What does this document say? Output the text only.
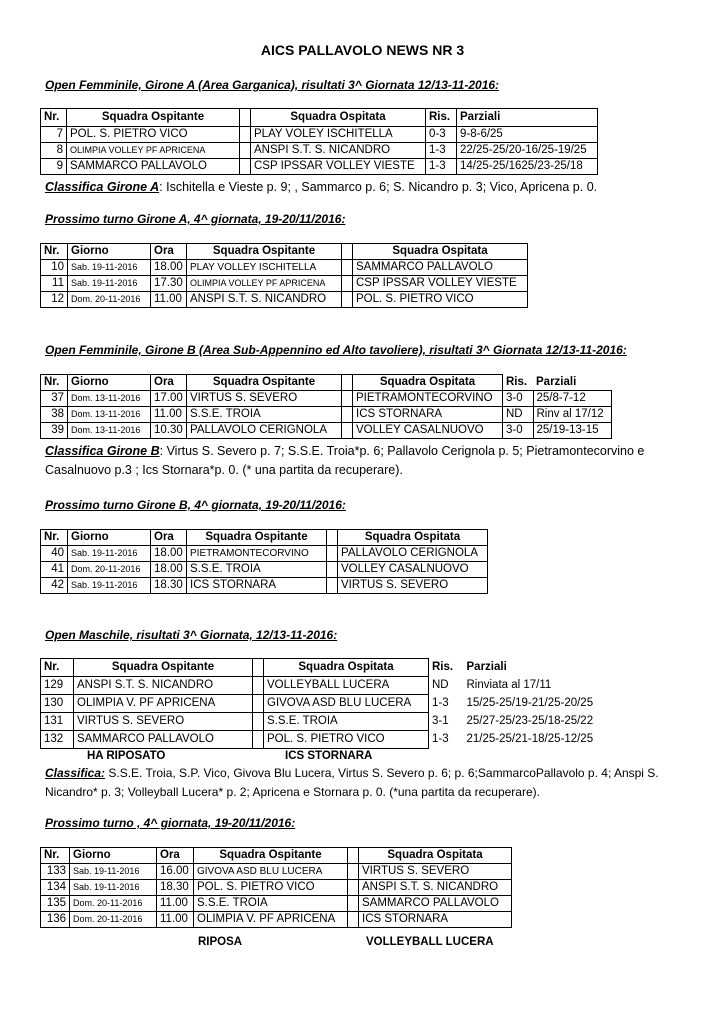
AICS PALLAVOLO NEWS NR 3
Open Femminile, Girone A (Area Garganica), risultati 3^ Giornata 12/13-11-2016:
Nr.	Squadra Ospitante		Squadra Ospitata	Ris.	Parziali
7	POL. S. PIETRO VICO		PLAY VOLEY ISCHITELLA	0-3	9-8-6/25
8	OLIMPIA VOLLEY PF APRICENA		ANSPI S.T. S. NICANDRO	1-3	22/25-25/20-16/25-19/25
9	SAMMARCO PALLAVOLO		CSP IPSSAR VOLLEY VIESTE	1-3	14/25-25/1625/23-25/18
Classifica Girone A: Ischitella e Vieste p. 9; , Sammarco p. 6; S. Nicandro p. 3; Vico, Apricena p. 0.
Prossimo turno Girone A, 4^ giornata, 19-20/11/2016:
Nr.	Giorno	Ora	Squadra Ospitante		Squadra Ospitata
10	Sab. 19-11-2016	18.00	PLAY VOLLEY ISCHITELLA		SAMMARCO PALLAVOLO
11	Sab. 19-11-2016	17.30	OLIMPIA VOLLEY PF APRICENA		CSP IPSSAR VOLLEY VIESTE
12	Dom. 20-11-2016	11.00	ANSPI S.T. S. NICANDRO		POL. S. PIETRO VICO
Open Femminile, Girone B (Area Sub-Appennino ed Alto tavoliere), risultati 3^ Giornata 12/13-11-2016:
Nr.	Giorno	Ora	Squadra Ospitante		Squadra Ospitata	Ris.	Parziali
37	Dom. 13-11-2016	17.00	VIRTUS S. SEVERO		PIETRAMONTECORVINO	3-0	25/8-7-12
38	Dom. 13-11-2016	11.00	S.S.E. TROIA		ICS STORNARA	ND	Rinv al 17/12
39	Dom. 13-11-2016	10.30	PALLAVOLO CERIGNOLA		VOLLEY CASALNUOVO	3-0	25/19-13-15
Classifica Girone B: Virtus S. Severo p. 7; S.S.E. Troia*p. 6; Pallavolo Cerignola p. 5; Pietramontecorvino e
Casalnuovo p.3 ; Ics Stornara*p. 0. (* una partita da recuperare).
Prossimo turno Girone B, 4^ giornata, 19-20/11/2016:
Nr.	Giorno	Ora	Squadra Ospitante		Squadra Ospitata
40	Sab. 19-11-2016	18.00	PIETRAMONTECORVINO		PALLAVOLO CERIGNOLA
41	Dom. 20-11-2016	18.00	S.S.E. TROIA		VOLLEY CASALNUOVO
42	Sab. 19-11-2016	18.30	ICS STORNARA		VIRTUS S. SEVERO
Open Maschile, risultati 3^ Giornata, 12/13-11-2016:
Nr.	Squadra Ospitante		Squadra Ospitata	Ris.	Parziali
129	ANSPI S.T. S. NICANDRO		VOLLEYBALL LUCERA	ND	Rinviata al 17/11
130	OLIMPIA V. PF APRICENA		GIVOVA ASD BLU LUCERA	1-3	15/25-25/19-21/25-20/25
131	VIRTUS S. SEVERO		S.S.E. TROIA	3-1	25/27-25/23-25/18-25/22
132	SAMMARCO PALLAVOLO		POL. S. PIETRO VICO	1-3	21/25-25/21-18/25-12/25
HA RIPOSATO	ICS STORNARA
Classifica: S.S.E. Troia, S.P. Vico, Givova Blu Lucera, Virtus S. Severo p. 6; p. 6;SammarcoPallavolo p. 4; Anspi S.
Nicandro* p. 3; Volleyball Lucera* p. 2; Apricena e Stornara p. 0. (*una partita da recuperare).
Prossimo turno , 4^ giornata, 19-20/11/2016:
Nr.	Giorno	Ora	Squadra Ospitante		Squadra Ospitata
133	Sab. 19-11-2016	16.00	GIVOVA ASD BLU LUCERA		VIRTUS S. SEVERO
134	Sab. 19-11-2016	18.30	POL. S. PIETRO VICO		ANSPI S.T. S. NICANDRO
135	Dom. 20-11-2016	11.00	S.S.E. TROIA		SAMMARCO PALLAVOLO
136	Dom. 20-11-2016	11.00	OLIMPIA V. PF APRICENA		ICS STORNARA
RIPOSA	VOLLEYBALL LUCERA
